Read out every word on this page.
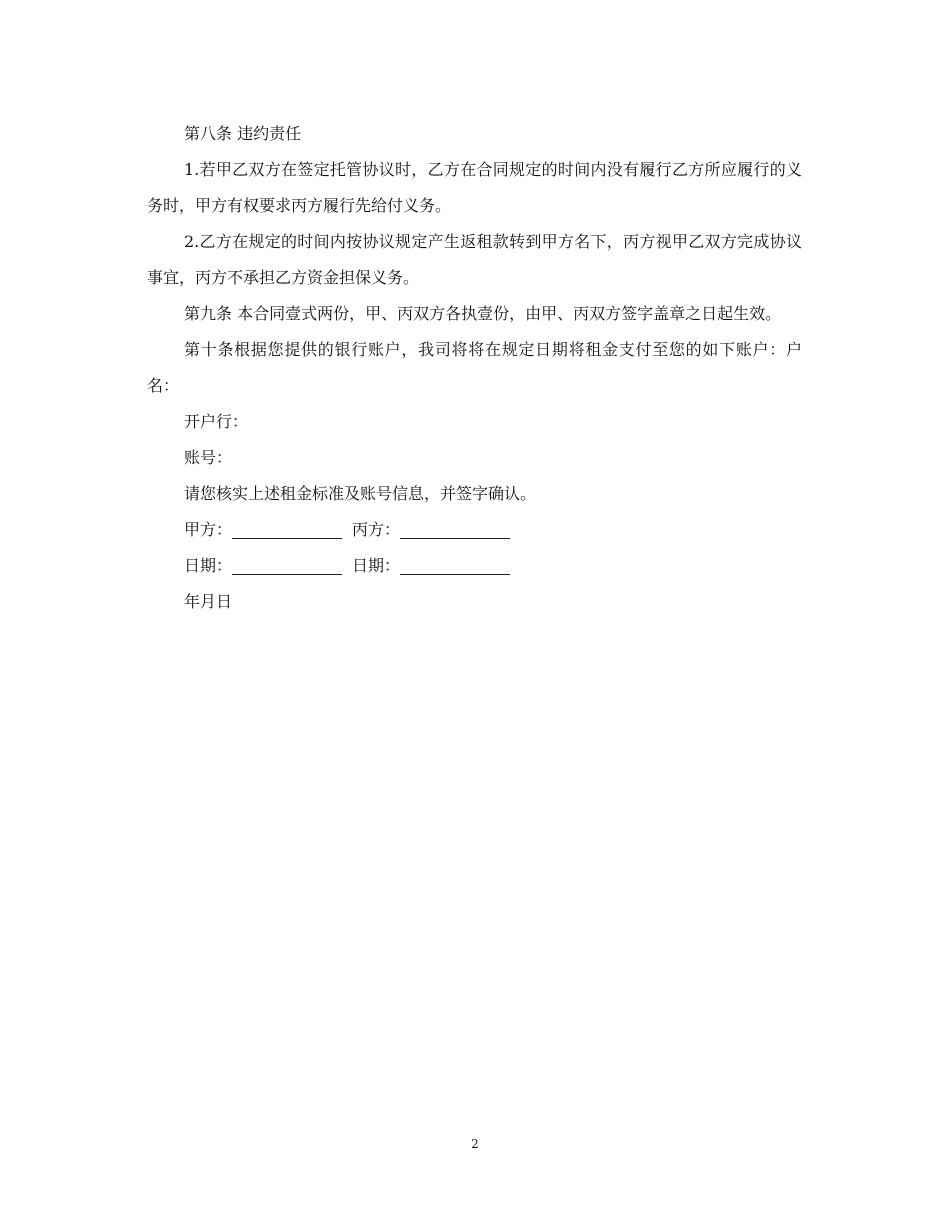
第八条 违约责任

1.若甲乙双方在签定托管协议时，乙方在合同规定的时间内没有履行乙方所应履行的义务时，甲方有权要求丙方履行先给付义务。

2.乙方在规定的时间内按协议规定产生返租款转到甲方名下，丙方视甲乙双方完成协议事宜，丙方不承担乙方资金担保义务。

第九条 本合同壹式两份，甲、丙双方各执壹份，由甲、丙双方签字盖章之日起生效。

第十条根据您提供的银行账户，我司将将在规定日期将租金支付至您的如下账户：户名：

开户行：

账号：

请您核实上述租金标准及账号信息，并签字确认。

甲方：	丙方：

日期：	日期：

年月日

2
